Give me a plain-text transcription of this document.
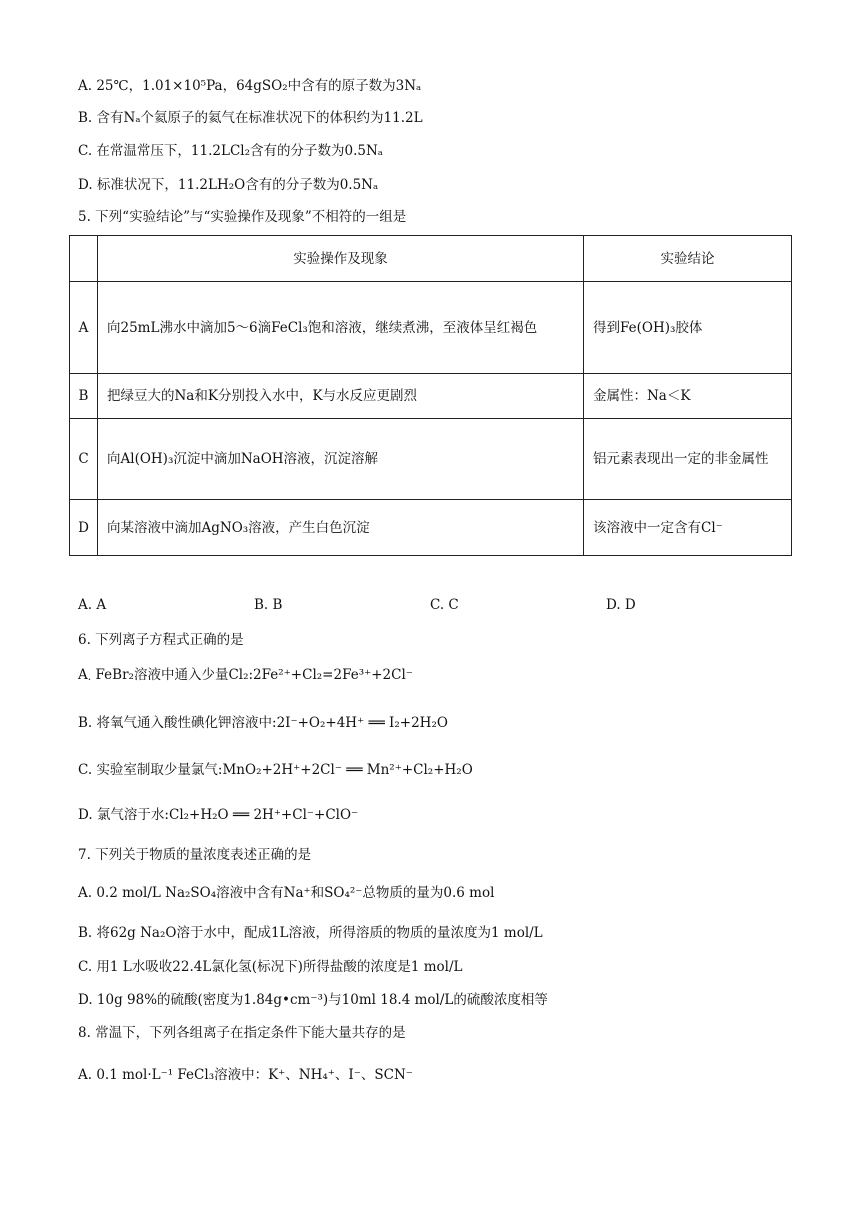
A. 25℃，1.01×10⁵Pa，64gSO₂中含有的原子数为3Nₐ
B. 含有Nₐ个氦原子的氦气在标准状况下的体积约为11.2L
C. 在常温常压下，11.2LCl₂含有的分子数为0.5Nₐ
D. 标准状况下，11.2LH₂O含有的分子数为0.5Nₐ
5. 下列“实验结论”与“实验操作及现象”不相符的一组是
	实验操作及现象	实验结论
A	向25mL沸水中滴加5～6滴FeCl₃饱和溶液，继续煮沸，至液体呈红褐色	得到Fe(OH)₃胶体
B	把绿豆大的Na和K分别投入水中，K与水反应更剧烈	金属性：Na＜K
C	向Al(OH)₃沉淀中滴加NaOH溶液，沉淀溶解	铝元素表现出一定的非金属性
D	向某溶液中滴加AgNO₃溶液，产生白色沉淀	该溶液中一定含有Cl⁻
A. A	B. B	C. C	D. D
6. 下列离子方程式正确的是
$A_\cdot$ FeBr₂溶液中通入少量Cl₂:2Fe²⁺+Cl₂=2Fe³⁺+2Cl⁻
B. 将氧气通入酸性碘化钾溶液中:2I⁻+O₂+4H⁺ ══ I₂+2H₂O
C. 实验室制取少量氯气:MnO₂+2H⁺+2Cl⁻ ══ Mn²⁺+Cl₂+H₂O
D. 氯气溶于水:Cl₂+H₂O ══ 2H⁺+Cl⁻+ClO⁻
7. 下列关于物质的量浓度表述正确的是
A. 0.2 mol/L Na₂SO₄溶液中含有Na⁺和SO₄²⁻总物质的量为0.6 mol
B. 将62g Na₂O溶于水中，配成1L溶液，所得溶质的物质的量浓度为1 mol/L
C. 用1 L水吸收22.4L氯化氢(标况下)所得盐酸的浓度是1 mol/L
D. 10g 98%的硫酸(密度为1.84g•cm⁻³)与10ml 18.4 mol/L的硫酸浓度相等
8. 常温下，下列各组离子在指定条件下能大量共存的是
A. 0.1 mol·L⁻¹ FeCl₃溶液中：K⁺、NH₄⁺、I⁻、SCN⁻
